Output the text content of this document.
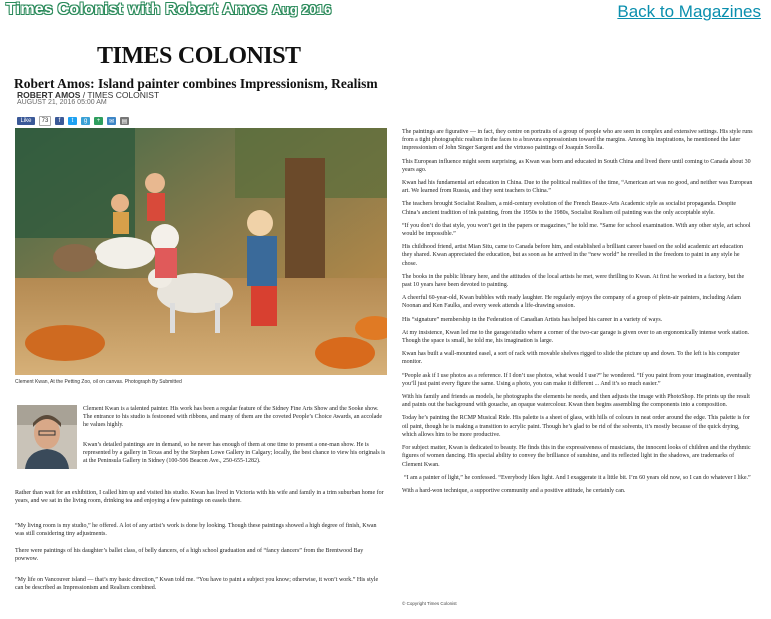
Times Colonist with Robert Amos Aug 2016	Back to Magazines
TIMES COLONIST
Robert Amos: Island painter combines Impressionism, Realism
ROBERT AMOS / TIMES COLONIST
AUGUST 21, 2016 05:00 AM
Like	73	f	t	g	+	✉	▤
Clement Kwan, At the Petting Zoo, oil on canvas. Photograph By Submitted

Clement Kwan is a talented painter. His work has been a regular feature of the Sidney Fine Arts Show and the Sooke show. The entrance to his studio is festooned with ribbons, and many of them are the coveted People’s Choice Awards, an accolade he values highly.

Kwan’s detailed paintings are in demand, so he never has enough of them at one time to present a one-man show. He is represented by a gallery in Texas and by the Stephen Lowe Gallery in Calgary; locally, the best chance to view his originals is at the Peninsula Gallery in Sidney (100-506 Beacon Ave., 250-655-1282).

Rather than wait for an exhibition, I called him up and visited his studio. Kwan has lived in Victoria with his wife and family in a trim suburban home for years, and we sat in the living room, drinking tea and enjoying a few paintings on easels there.

“My living room is my studio,” he offered. A lot of any artist’s work is done by looking. Though these paintings showed a high degree of finish, Kwan was still considering tiny adjustments.

There were paintings of his daughter’s ballet class, of belly dancers, of a high school graduation and of “fancy dancers” from the Brentwood Bay powwow.

“My life on Vancouver island — that’s my basic direction,” Kwan told me. “You have to paint a subject you know; otherwise, it won’t work.” His style can be described as Impressionism and Realism combined.

The paintings are figurative — in fact, they centre on portraits of a group of people who are seen in complex and extensive settings. His style runs from a tight photographic realism in the faces to a bravura expressionism toward the margins. Among his inspirations, he mentioned the later impressionism of John Singer Sargent and the virtuoso paintings of Joaquín Sorolla.

This European influence might seem surprising, as Kwan was born and educated in South China and lived there until coming to Canada about 30 years ago.

Kwan had his fundamental art education in China. Due to the political realities of the time, “American art was no good, and neither was European art. We learned from Russia, and they sent teachers to China.”

The teachers brought Socialist Realism, a mid-century evolution of the French Beaux-Arts Academic style as socialist propaganda. Despite China’s ancient tradition of ink painting, from the 1950s to the 1980s, Socialist Realism oil painting was the only acceptable style.

“If you don’t do that style, you won’t get in the papers or magazines,” he told me. “Same for school examination. With any other style, art school would be impossible.”

His childhood friend, artist Mian Situ, came to Canada before him, and established a brilliant career based on the solid academic art education they shared. Kwan appreciated the education, but as soon as he arrived in the “new world” he revelled in the freedom to paint in any style he chose.

The books in the public library here, and the attitudes of the local artists he met, were thrilling to Kwan. At first he worked in a factory, but the past 10 years have been devoted to painting.

A cheerful 60-year-old, Kwan bubbles with ready laughter. He regularly enjoys the company of a group of plein-air painters, including Adam Noonan and Ken Faulks, and every week attends a life-drawing session.

His “signature” membership in the Federation of Canadian Artists has helped his career in a variety of ways.

At my insistence, Kwan led me to the garage/studio where a corner of the two-car garage is given over to an ergonomically intense work station. Though the space is small, he told me, his imagination is large.

Kwan has built a wall-mounted easel, a sort of rack with movable shelves rigged to slide the picture up and down. To the left is his computer monitor.

“People ask if I use photos as a reference. If I don’t use photos, what would I use?” he wondered. “If you paint from your imagination, eventually you’ll just paint every figure the same. Using a photo, you can make it different ... And it’s so much easier.”

With his family and friends as models, he photographs the elements he needs, and then adjusts the image with PhotoShop. He prints up the result and paints out the background with gouache, an opaque watercolour. Kwan then begins assembling the components into a composition.

Today he’s painting the RCMP Musical Ride. His palette is a sheet of glass, with hills of colours in neat order around the edge. This palette is for oil paint, though he is making a transition to acrylic paint. Though he’s glad to be rid of the solvents, it’s mostly because of the quick drying, which allows him to be more productive.

For subject matter, Kwan is dedicated to beauty. He finds this in the expressiveness of musicians, the innocent looks of children and the rhythmic figures of women dancing. His special ability to convey the brilliance of sunshine, and its reflected light in the shadows, are trademarks of Clement Kwan.

“I am a painter of light,” he confessed. “Everybody likes light. And I exaggerate it a little bit. I’m 60 years old now, so I can do whatever I like.”

With a hard-won technique, a supportive community and a positive attitude, he certainly can.

© Copyright Times Colonist
